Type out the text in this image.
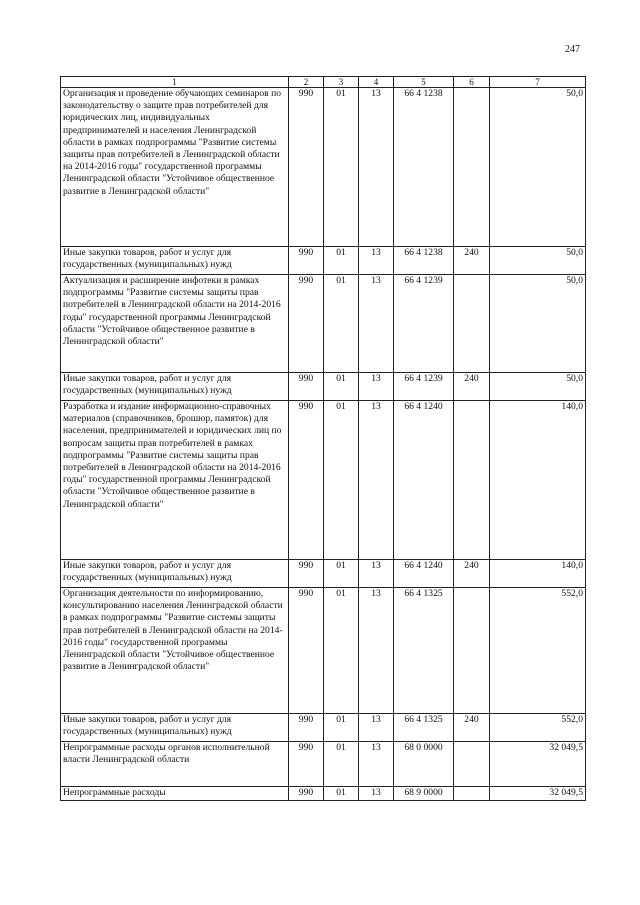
247
1	2	3	4	5	6	7
Организация и проведение обучающих семинаров по законодательству о защите прав потребителей для юридических лиц, индивидуальных предпринимателей и населения Ленинградской области в рамках подпрограммы "Развитие системы защиты прав потребителей в Ленинградской области на 2014-2016 годы" государственной программы Ленинградской области "Устойчивое общественное развитие в Ленинградской области"	990	01	13	66 4 1238		50,0
Иные закупки товаров, работ и услуг для государственных (муниципальных) нужд	990	01	13	66 4 1238	240	50,0
Актуализация и расширение инфотеки в рамках подпрограммы "Развитие системы защиты прав потребителей в Ленинградской области на 2014-2016 годы" государственной программы Ленинградской области "Устойчивое общественное развитие в Ленинградской области"	990	01	13	66 4 1239		50,0
Иные закупки товаров, работ и услуг для государственных (муниципальных) нужд	990	01	13	66 4 1239	240	50,0
Разработка и издание информационно-справочных материалов (справочников, брошюр, памяток) для населения, предпринимателей и юридических лиц по вопросам защиты прав потребителей в рамках подпрограммы "Развитие системы защиты прав потребителей в Ленинградской области на 2014-2016 годы" государственной программы Ленинградской области "Устойчивое общественное развитие в Ленинградской области"	990	01	13	66 4 1240		140,0
Иные закупки товаров, работ и услуг для государственных (муниципальных) нужд	990	01	13	66 4 1240	240	140,0
Организация деятельности по информированию, консультированию населения Ленинградской области в рамках подпрограммы "Развитие системы защиты прав потребителей в Ленинградской области на 2014-2016 годы" государственной программы Ленинградской области "Устойчивое общественное развитие в Ленинградской области"	990	01	13	66 4 1325		552,0
Иные закупки товаров, работ и услуг для государственных (муниципальных) нужд	990	01	13	66 4 1325	240	552,0
Непрограммные расходы органов исполнительной власти Ленинградской области	990	01	13	68 0 0000		32 049,5
Непрограммные расходы	990	01	13	68 9 0000		32 049,5
